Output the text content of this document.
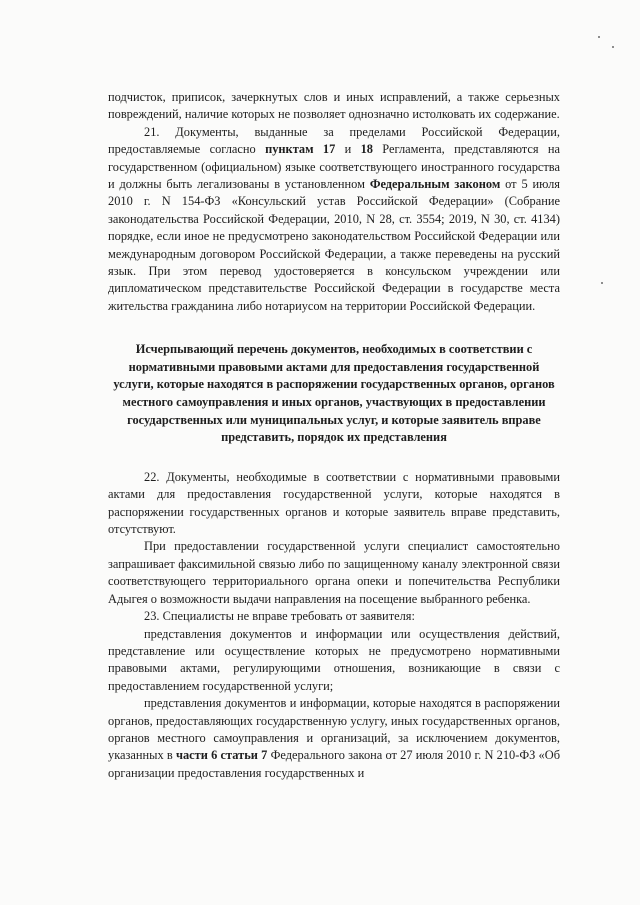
подчисток, приписок, зачеркнутых слов и иных исправлений, а также серьезных повреждений, наличие которых не позволяет однозначно истолковать их содержание.

21. Документы, выданные за пределами Российской Федерации, предоставляемые согласно пунктам 17 и 18 Регламента, представляются на государственном (официальном) языке соответствующего иностранного государства и должны быть легализованы в установленном Федеральным законом от 5 июля 2010 г. N 154-ФЗ «Консульский устав Российской Федерации» (Собрание законодательства Российской Федерации, 2010, N 28, ст. 3554; 2019, N 30, ст. 4134) порядке, если иное не предусмотрено законодательством Российской Федерации или международным договором Российской Федерации, а также переведены на русский язык. При этом перевод удостоверяется в консульском учреждении или дипломатическом представительстве Российской Федерации в государстве места жительства гражданина либо нотариусом на территории Российской Федерации.

Исчерпывающий перечень документов, необходимых в соответствии с нормативными правовыми актами для предоставления государственной услуги, которые находятся в распоряжении государственных органов, органов местного самоуправления и иных органов, участвующих в предоставлении государственных или муниципальных услуг, и которые заявитель вправе представить, порядок их представления

22. Документы, необходимые в соответствии с нормативными правовыми актами для предоставления государственной услуги, которые находятся в распоряжении государственных органов и которые заявитель вправе представить, отсутствуют.

При предоставлении государственной услуги специалист самостоятельно запрашивает факсимильной связью либо по защищенному каналу электронной связи соответствующего территориального органа опеки и попечительства Республики Адыгея о возможности выдачи направления на посещение выбранного ребенка.

23. Специалисты не вправе требовать от заявителя:

представления документов и информации или осуществления действий, представление или осуществление которых не предусмотрено нормативными правовыми актами, регулирующими отношения, возникающие в связи с предоставлением государственной услуги;

представления документов и информации, которые находятся в распоряжении органов, предоставляющих государственную услугу, иных государственных органов, органов местного самоуправления и организаций, за исключением документов, указанных в части 6 статьи 7 Федерального закона от 27 июля 2010 г. N 210-ФЗ «Об организации предоставления государственных и
